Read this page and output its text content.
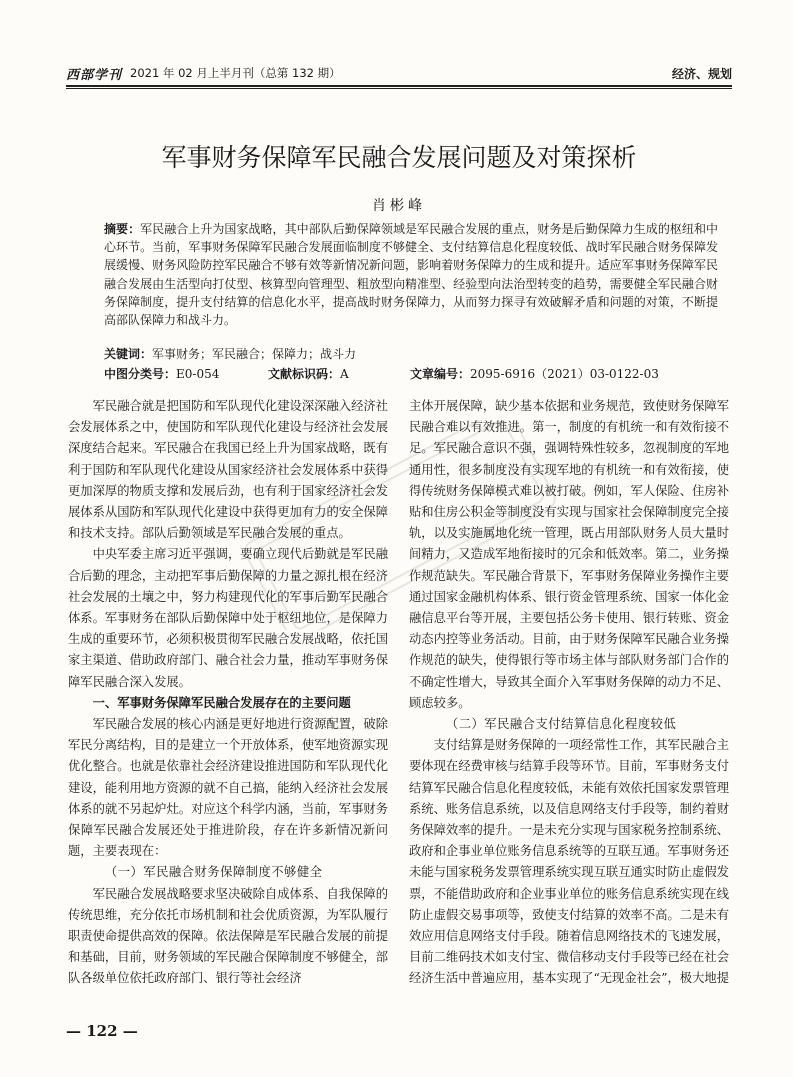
西部学刊 2021 年 02 月上半月刊（总第 132 期）	经济、规划
军事财务保障军民融合发展问题及对策探析
肖彬峰

摘要：军民融合上升为国家战略，其中部队后勤保障领域是军民融合发展的重点，财务是后勤保障力生成的枢纽和中心环节。当前，军事财务保障军民融合发展面临制度不够健全、支付结算信息化程度较低、战时军民融合财务保障发展缓慢、财务风险防控军民融合不够有效等新情况新问题，影响着财务保障力的生成和提升。适应军事财务保障军民融合发展由生活型向打仗型、核算型向管理型、粗放型向精准型、经验型向法治型转变的趋势，需要健全军民融合财务保障制度，提升支付结算的信息化水平，提高战时财务保障力，从而努力探寻有效破解矛盾和问题的对策，不断提高部队保障力和战斗力。

关键词：军事财务；军民融合；保障力；战斗力
中图分类号：E0-054	文献标识码：A	文章编号：2095-6916（2021）03-0122-03

军民融合就是把国防和军队现代化建设深深融入经济社会发展体系之中，使国防和军队现代化建设与经济社会发展深度结合起来。军民融合在我国已经上升为国家战略，既有利于国防和军队现代化建设从国家经济社会发展体系中获得更加深厚的物质支撑和发展后劲，也有利于国家经济社会发展体系从国防和军队现代化建设中获得更加有力的安全保障和技术支持。部队后勤领域是军民融合发展的重点。

中央军委主席习近平强调，要确立现代后勤就是军民融合后勤的理念，主动把军事后勤保障的力量之源扎根在经济社会发展的土壤之中，努力构建现代化的军事后勤军民融合体系。军事财务在部队后勤保障中处于枢纽地位，是保障力生成的重要环节，必须积极贯彻军民融合发展战略，依托国家主渠道、借助政府部门、融合社会力量，推动军事财务保障军民融合深入发展。

一、军事财务保障军民融合发展存在的主要问题

军民融合发展的核心内涵是更好地进行资源配置，破除军民分离结构，目的是建立一个开放体系，使军地资源实现优化整合。也就是依靠社会经济建设推进国防和军队现代化建设，能利用地方资源的就不自己搞，能纳入经济社会发展体系的就不另起炉灶。对应这个科学内涵，当前，军事财务保障军民融合发展还处于推进阶段，存在许多新情况新问题，主要表现在：

（一）军民融合财务保障制度不够健全

军民融合发展战略要求坚决破除自成体系、自我保障的传统思维，充分依托市场机制和社会优质资源，为军队履行职责使命提供高效的保障。依法保障是军民融合发展的前提和基础，目前，财务领域的军民融合保障制度不够健全，部队各级单位依托政府部门、银行等社会经济

主体开展保障，缺少基本依据和业务规范，致使财务保障军民融合难以有效推进。第一，制度的有机统一和有效衔接不足。军民融合意识不强，强调特殊性较多，忽视制度的军地通用性，很多制度没有实现军地的有机统一和有效衔接，使得传统财务保障模式难以被打破。例如，军人保险、住房补贴和住房公积金等制度没有实现与国家社会保障制度完全接轨，以及实施属地化统一管理，既占用部队财务人员大量时间精力，又造成军地衔接时的冗余和低效率。第二，业务操作规范缺失。军民融合背景下，军事财务保障业务操作主要通过国家金融机构体系、银行资金管理系统、国家一体化金融信息平台等开展，主要包括公务卡使用、银行转账、资金动态内控等业务活动。目前，由于财务保障军民融合业务操作规范的缺失，使得银行等市场主体与部队财务部门合作的不确定性增大，导致其全面介入军事财务保障的动力不足、顾虑较多。

（二）军民融合支付结算信息化程度较低

支付结算是财务保障的一项经常性工作，其军民融合主要体现在经费审核与结算手段等环节。目前，军事财务支付结算军民融合信息化程度较低，未能有效依托国家发票管理系统、账务信息系统，以及信息网络支付手段等，制约着财务保障效率的提升。一是未充分实现与国家税务控制系统、政府和企事业单位账务信息系统等的互联互通。军事财务还未能与国家税务发票管理系统实现互联互通实时防止虚假发票，不能借助政府和企业事业单位的账务信息系统实现在线防止虚假交易事项等，致使支付结算的效率不高。二是未有效应用信息网络支付手段。随着信息网络技术的飞速发展，目前二维码技术如支付宝、微信移动支付手段等已经在社会经济生活中普遍应用，基本实现了“无现金社会”，极大地提

— 122 —
